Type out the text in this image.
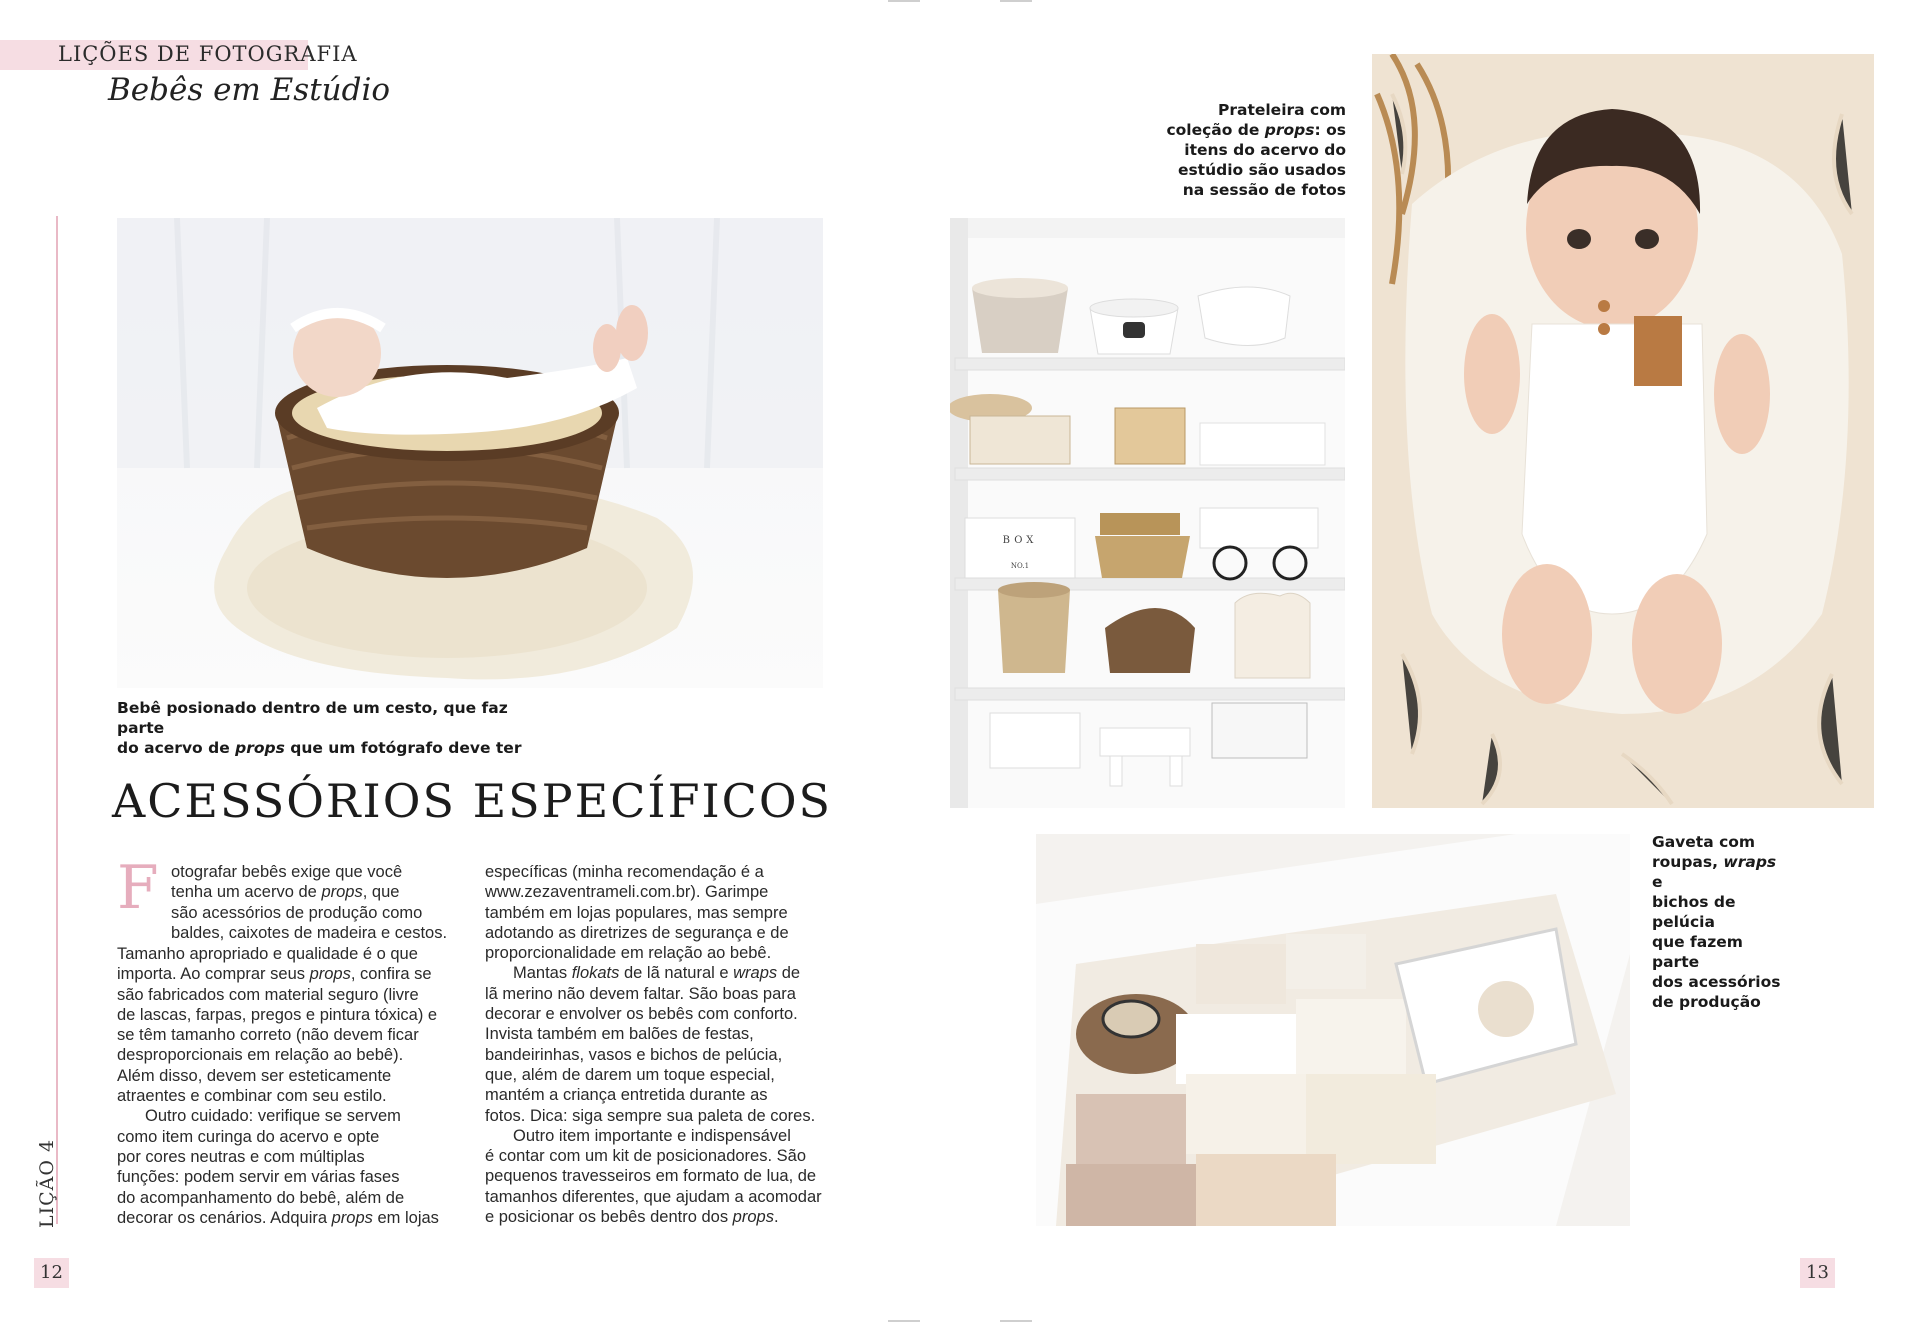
LIÇÕES DE FOTOGRAFIA
Bebês em Estúdio
LIÇÃO 4
Bebê posionado dentro de um cesto, que faz parte
do acervo de props que um fotógrafo deve ter
ACESSÓRIOS ESPECÍFICOS
F otografar bebês exige que você

tenha um acervo de props, que

são acessórios de produção como

baldes, caixotes de madeira e cestos.

Tamanho apropriado e qualidade é o que

importa. Ao comprar seus props, confira se

são fabricados com material seguro (livre

de lascas, farpas, pregos e pintura tóxica) e

se têm tamanho correto (não devem ficar

desproporcionais em relação ao bebê).

Além disso, devem ser esteticamente

atraentes e combinar com seu estilo.

Outro cuidado: verifique se servem

como item curinga do acervo e opte

por cores neutras e com múltiplas

funções: podem servir em várias fases

do acompanhamento do bebê, além de

decorar os cenários. Adquira props em lojas

específicas (minha recomendação é a

www.zezaventrameli.com.br). Garimpe

também em lojas populares, mas sempre

adotando as diretrizes de segurança e de

proporcionalidade em relação ao bebê.

Mantas flokats de lã natural e wraps de

lã merino não devem faltar. São boas para

decorar e envolver os bebês com conforto.

Invista também em balões de festas,

bandeirinhas, vasos e bichos de pelúcia,

que, além de darem um toque especial,

mantém a criança entretida durante as

fotos. Dica: siga sempre sua paleta de cores.

Outro item importante e indispensável

é contar com um kit de posicionadores. São

pequenos travesseiros em formato de lua, de

tamanhos diferentes, que ajudam a acomodar

e posicionar os bebês dentro dos props.

12
Prateleira com
coleção de props: os
itens do acervo do
estúdio são usados
na sessão de fotos
BOX
NO.1
Gaveta com
roupas, wraps e
bichos de pelúcia
que fazem parte
dos acessórios
de produção
13
